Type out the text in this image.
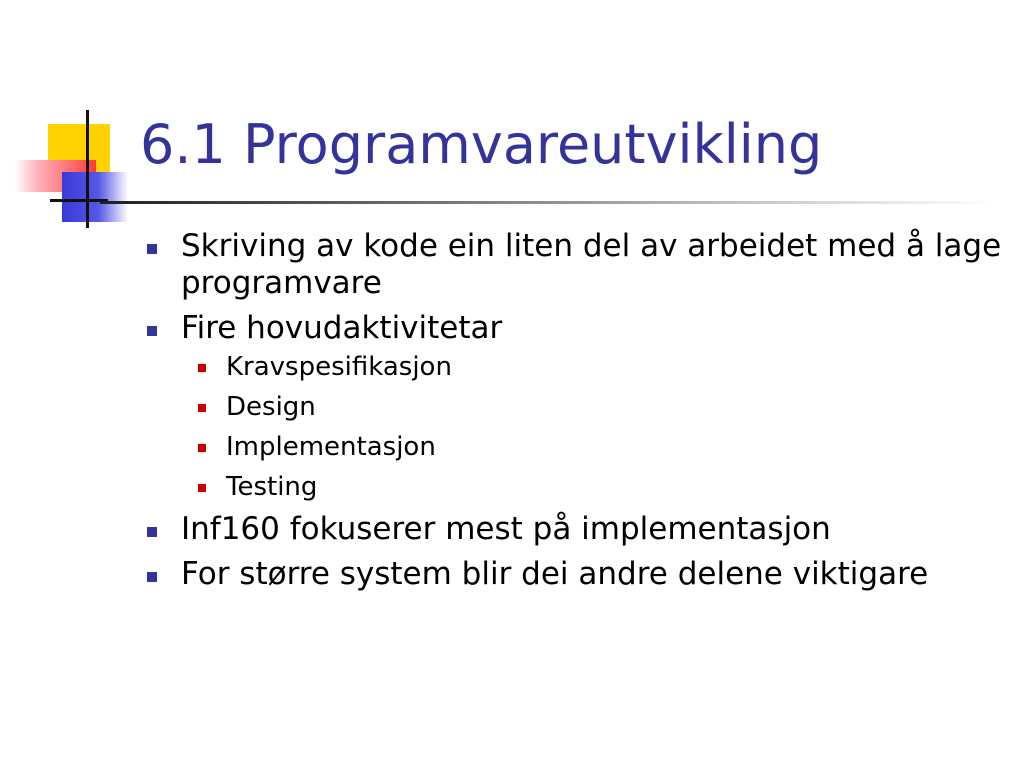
6.1 Programvareutvikling
Skriving av kode ein liten del av arbeidet med å lage programvare
Fire hovudaktivitetar
Kravspesifikasjon
Design
Implementasjon
Testing
Inf160 fokuserer mest på implementasjon
For større system blir dei andre delene viktigare
